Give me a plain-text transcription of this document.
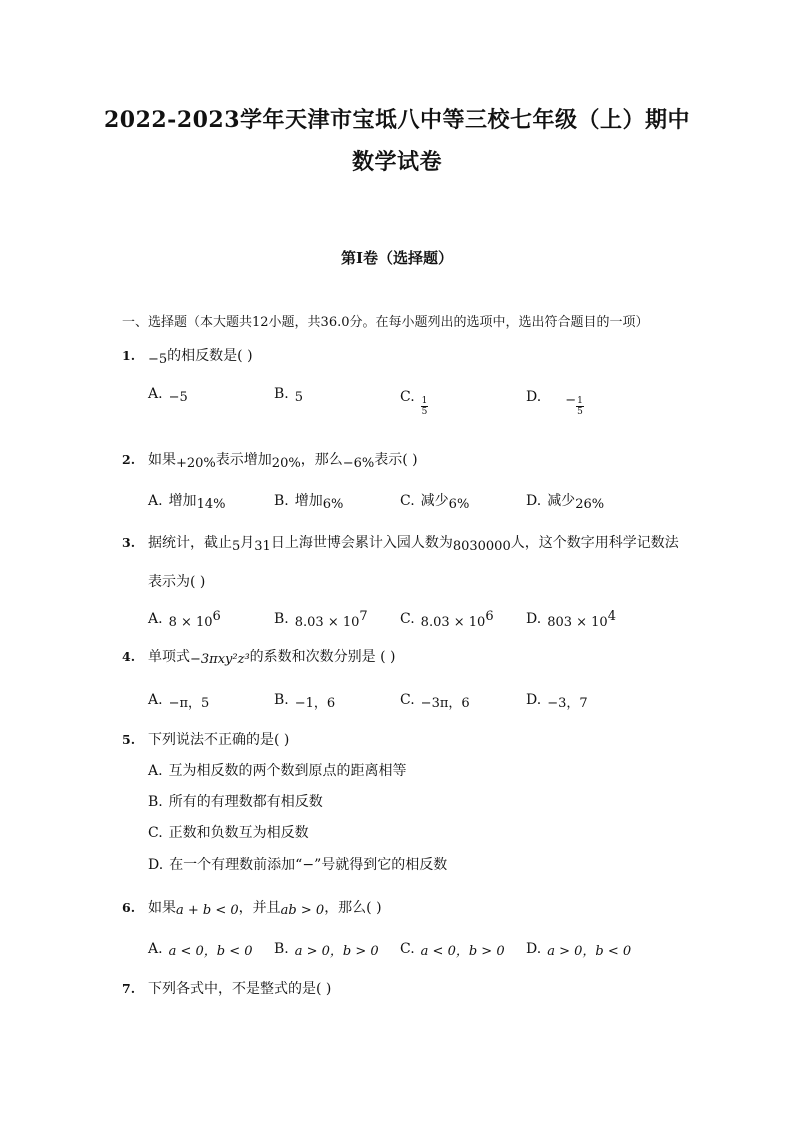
2022-2023学年天津市宝坻八中等三校七年级（上）期中
数学试卷
第I卷（选择题）
一、选择题（本大题共12小题，共36.0分。在每小题列出的选项中，选出符合题目的一项）
1. −5的相反数是( )
A. −5	B. 5	C. $\frac{1}{5}$	D. − $\frac{1}{5}$
2. 如果+20%表示增加20%，那么−6%表示( )
A. 增加14%	B. 增加6%	C. 减少6%	D. 减少26%
3. 据统计，截止5月31日上海世博会累计入园人数为8030000人，这个数字用科学记数法
表示为( )
A. $8 \times 10^6$	B. $8.03 \times 10^7$ C. $8.03 \times 10^6$ D. $803 \times 10^4$
4. 单项式−3πxy²z³的系数和次数分别是 ( )
A. −π，5	B. −1，6	C. −3π，6	D. −3，7
5. 下列说法不正确的是( )
A. 互为相反数的两个数到原点的距离相等
B. 所有的有理数都有相反数
C. 正数和负数互为相反数
D. 在一个有理数前添加“−”号就得到它的相反数
6. 如果a + b < 0，并且ab > 0，那么( )
A. a < 0，b < 0 B. a > 0，b > 0 C. a < 0，b > 0 D. a > 0，b < 0
7. 下列各式中，不是整式的是( )
